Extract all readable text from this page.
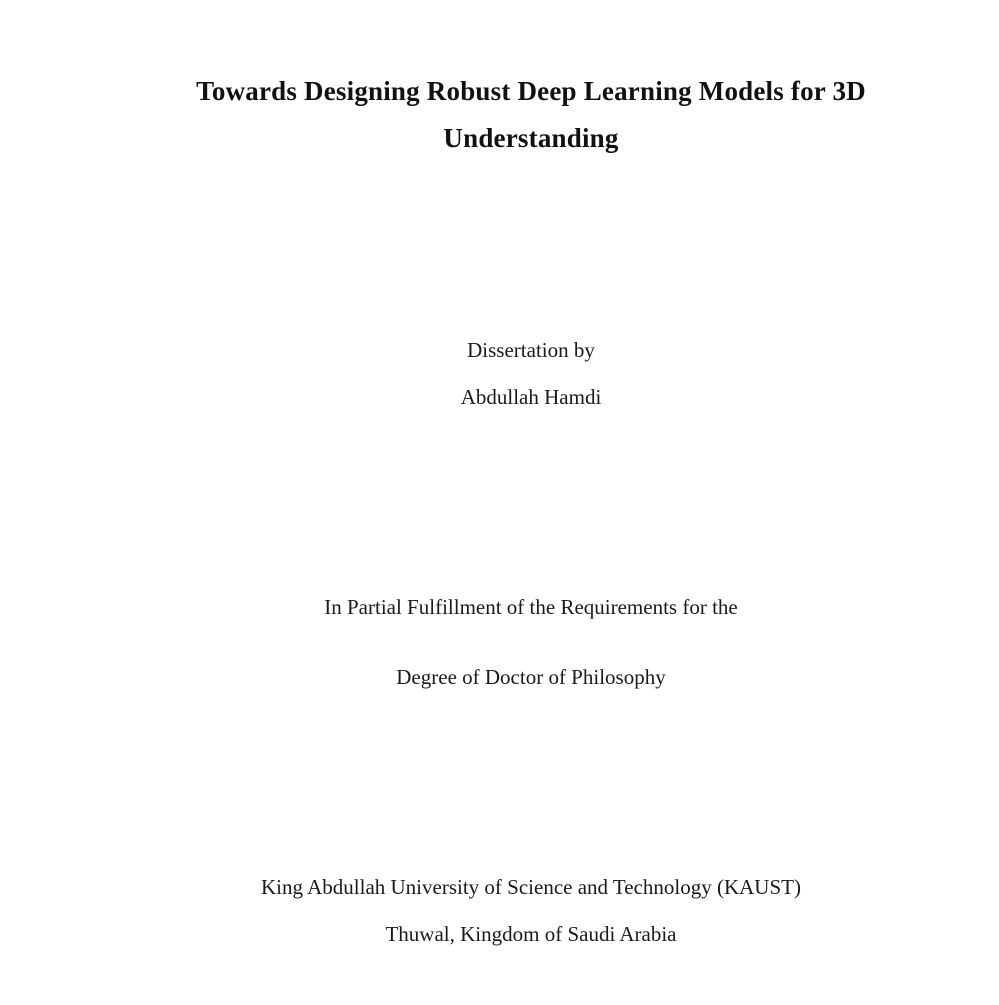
Towards Designing Robust Deep Learning Models for 3D
Understanding
Dissertation by
Abdullah Hamdi
In Partial Fulfillment of the Requirements for the
Degree of Doctor of Philosophy
King Abdullah University of Science and Technology (KAUST)
Thuwal, Kingdom of Saudi Arabia
